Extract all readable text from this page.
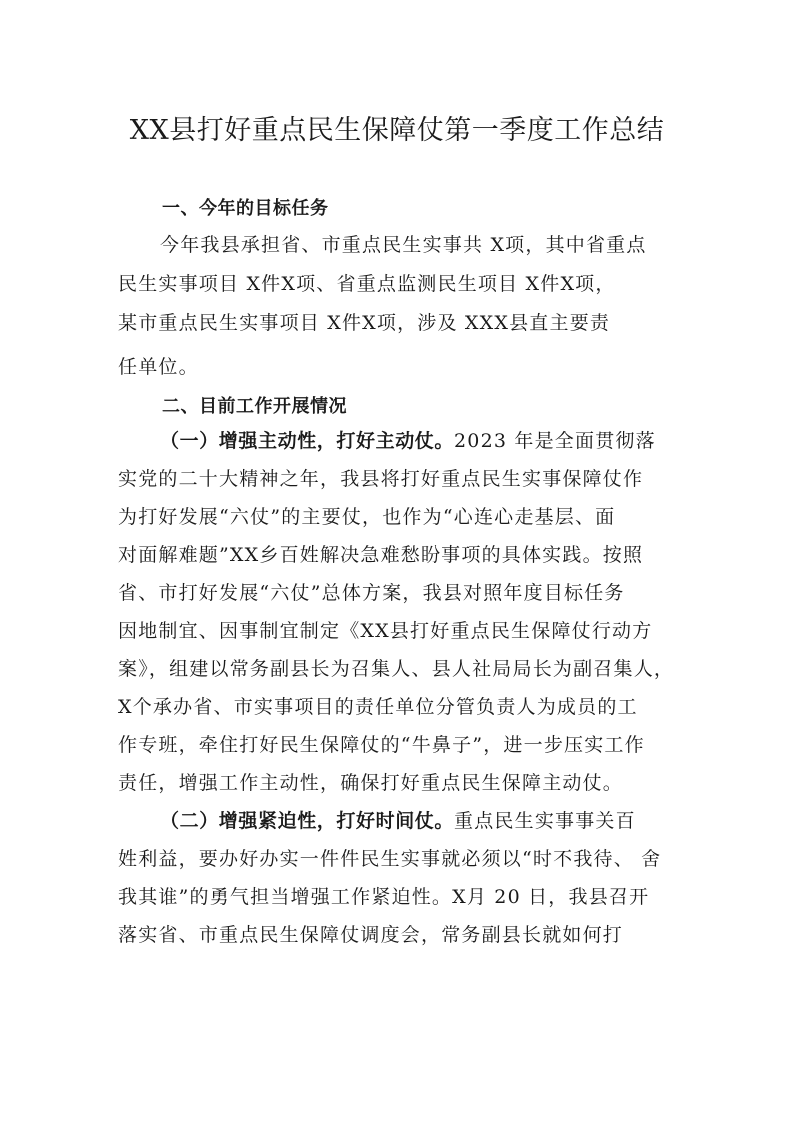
XX县打好重点民生保障仗第一季度工作总结
一、今年的目标任务
今年我县承担省、市重点民生实事共 X项，其中省重点
民生实事项目 X件X项、省重点监测民生项目 X件X项，
某市重点民生实事项目 X件X项，涉及 XXX县直主要责
任单位。
二、目前工作开展情况
（一）增强主动性，打好主动仗。2023 年是全面贯彻落
实党的二十大精神之年，我县将打好重点民生实事保障仗作
为打好发展“六仗”的主要仗，也作为“心连心走基层、面
对面解难题”XX乡百姓解决急难愁盼事项的具体实践。按照
省、市打好发展“六仗”总体方案，我县对照年度目标任务
因地制宜、因事制宜制定《XX县打好重点民生保障仗行动方
案》，组建以常务副县长为召集人、县人社局局长为副召集人，
X个承办省、市实事项目的责任单位分管负责人为成员的工
作专班，牵住打好民生保障仗的“牛鼻子”，进一步压实工作
责任，增强工作主动性，确保打好重点民生保障主动仗。
（二）增强紧迫性，打好时间仗。重点民生实事事关百
姓利益，要办好办实一件件民生实事就必须以“时不我待、 舍
我其谁”的勇气担当增强工作紧迫性。X月 20 日，我县召开
落实省、市重点民生保障仗调度会，常务副县长就如何打
